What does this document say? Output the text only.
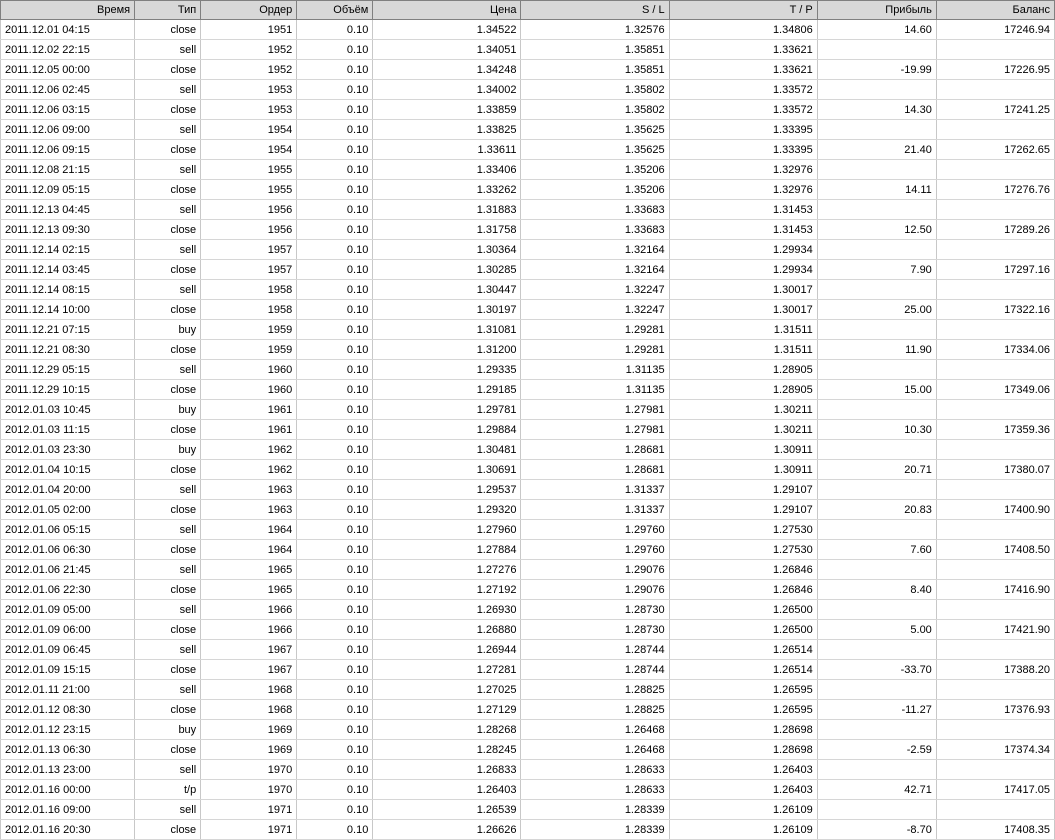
Время	Тип	Ордер	Объём	Цена	S / L	T / P	Прибыль	Баланс
2011.12.01 04:15	close	1951	0.10	1.34522	1.32576	1.34806	14.60	17246.94
2011.12.02 22:15	sell	1952	0.10	1.34051	1.35851	1.33621		
2011.12.05 00:00	close	1952	0.10	1.34248	1.35851	1.33621	-19.99	17226.95
2011.12.06 02:45	sell	1953	0.10	1.34002	1.35802	1.33572		
2011.12.06 03:15	close	1953	0.10	1.33859	1.35802	1.33572	14.30	17241.25
2011.12.06 09:00	sell	1954	0.10	1.33825	1.35625	1.33395		
2011.12.06 09:15	close	1954	0.10	1.33611	1.35625	1.33395	21.40	17262.65
2011.12.08 21:15	sell	1955	0.10	1.33406	1.35206	1.32976		
2011.12.09 05:15	close	1955	0.10	1.33262	1.35206	1.32976	14.11	17276.76
2011.12.13 04:45	sell	1956	0.10	1.31883	1.33683	1.31453		
2011.12.13 09:30	close	1956	0.10	1.31758	1.33683	1.31453	12.50	17289.26
2011.12.14 02:15	sell	1957	0.10	1.30364	1.32164	1.29934		
2011.12.14 03:45	close	1957	0.10	1.30285	1.32164	1.29934	7.90	17297.16
2011.12.14 08:15	sell	1958	0.10	1.30447	1.32247	1.30017		
2011.12.14 10:00	close	1958	0.10	1.30197	1.32247	1.30017	25.00	17322.16
2011.12.21 07:15	buy	1959	0.10	1.31081	1.29281	1.31511		
2011.12.21 08:30	close	1959	0.10	1.31200	1.29281	1.31511	11.90	17334.06
2011.12.29 05:15	sell	1960	0.10	1.29335	1.31135	1.28905		
2011.12.29 10:15	close	1960	0.10	1.29185	1.31135	1.28905	15.00	17349.06
2012.01.03 10:45	buy	1961	0.10	1.29781	1.27981	1.30211		
2012.01.03 11:15	close	1961	0.10	1.29884	1.27981	1.30211	10.30	17359.36
2012.01.03 23:30	buy	1962	0.10	1.30481	1.28681	1.30911		
2012.01.04 10:15	close	1962	0.10	1.30691	1.28681	1.30911	20.71	17380.07
2012.01.04 20:00	sell	1963	0.10	1.29537	1.31337	1.29107		
2012.01.05 02:00	close	1963	0.10	1.29320	1.31337	1.29107	20.83	17400.90
2012.01.06 05:15	sell	1964	0.10	1.27960	1.29760	1.27530		
2012.01.06 06:30	close	1964	0.10	1.27884	1.29760	1.27530	7.60	17408.50
2012.01.06 21:45	sell	1965	0.10	1.27276	1.29076	1.26846		
2012.01.06 22:30	close	1965	0.10	1.27192	1.29076	1.26846	8.40	17416.90
2012.01.09 05:00	sell	1966	0.10	1.26930	1.28730	1.26500		
2012.01.09 06:00	close	1966	0.10	1.26880	1.28730	1.26500	5.00	17421.90
2012.01.09 06:45	sell	1967	0.10	1.26944	1.28744	1.26514		
2012.01.09 15:15	close	1967	0.10	1.27281	1.28744	1.26514	-33.70	17388.20
2012.01.11 21:00	sell	1968	0.10	1.27025	1.28825	1.26595		
2012.01.12 08:30	close	1968	0.10	1.27129	1.28825	1.26595	-11.27	17376.93
2012.01.12 23:15	buy	1969	0.10	1.28268	1.26468	1.28698		
2012.01.13 06:30	close	1969	0.10	1.28245	1.26468	1.28698	-2.59	17374.34
2012.01.13 23:00	sell	1970	0.10	1.26833	1.28633	1.26403		
2012.01.16 00:00	t/p	1970	0.10	1.26403	1.28633	1.26403	42.71	17417.05
2012.01.16 09:00	sell	1971	0.10	1.26539	1.28339	1.26109		
2012.01.16 20:30	close	1971	0.10	1.26626	1.28339	1.26109	-8.70	17408.35
